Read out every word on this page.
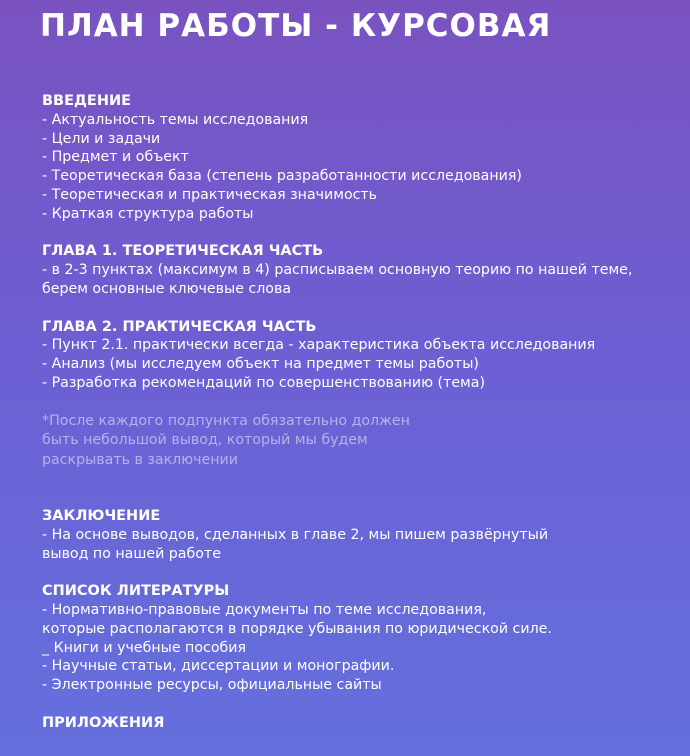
ПЛАН РАБОТЫ - КУРСОВАЯ
ВВЕДЕНИЕ
- Актуальность темы исследования
- Цели и задачи
- Предмет и объект
- Теоретическая база (степень разработанности исследования)
- Теоретическая и практическая значимость
- Краткая структура работы
ГЛАВА 1. ТЕОРЕТИЧЕСКАЯ ЧАСТЬ
- в 2-3 пунктах (максимум в 4) расписываем основную теорию по нашей теме,
берем основные ключевые слова
ГЛАВА 2. ПРАКТИЧЕСКАЯ ЧАСТЬ
- Пункт 2.1. практически всегда - характеристика объекта исследования
- Анализ (мы исследуем объект на предмет темы работы)
- Разработка рекомендаций по совершенствованию (тема)
*После каждого подпункта обязательно должен
быть небольшой вывод, который мы будем
раскрывать в заключении
ЗАКЛЮЧЕНИЕ
- На основе выводов, сделанных в главе 2, мы пишем развёрнутый
вывод по нашей работе
СПИСОК ЛИТЕРАТУРЫ
- Нормативно-правовые документы по теме исследования,
которые располагаются в порядке убывания по юридической силе.
_ Книги и учебные пособия
- Научные статьи, диссертации и монографии.
- Электронные ресурсы, официальные сайты
ПРИЛОЖЕНИЯ
